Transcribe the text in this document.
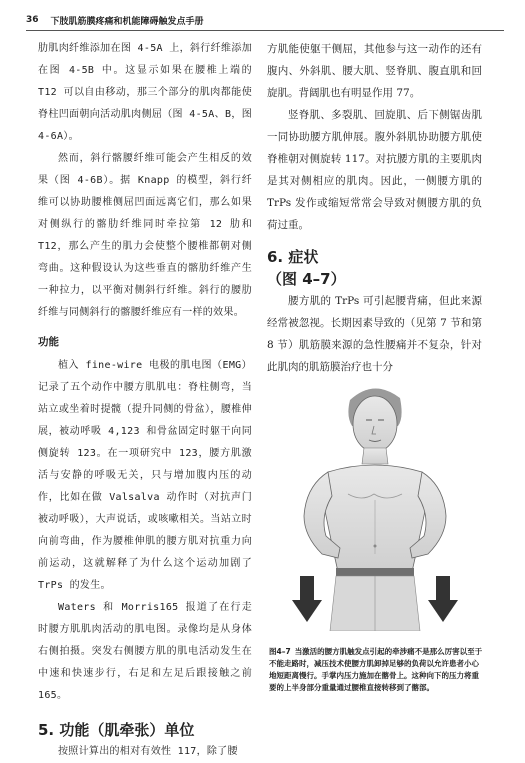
36 下肢肌筋膜疼痛和机能障碍触发点手册

肋肌肉纤维添加在图 4-5A 上，斜行纤维添加在图 4-5B 中。这显示如果在腰椎上端的 T12 可以自由移动，那三个部分的肌肉都能使脊柱凹面朝向活动肌肉侧屈（图 4-5A、B，图 4-6A）。

然而，斜行髂腰纤维可能会产生相反的效果（图 4-6B）。据 Knapp 的模型，斜行纤维可以协助腰椎侧屈凹面远离它们，那么如果对侧纵行的髂肋纤维同时牵拉第 12 肋和 T12，那么产生的肌力会使整个腰椎都朝对侧弯曲。这种假设认为这些垂直的髂肋纤维产生一种拉力，以平衡对侧斜行纤维。斜行的腰肋纤维与同侧斜行的髂腰纤维应有一样的效果。

功能

植入 fine-wire 电极的肌电图（EMG）记录了五个动作中腰方肌肌电：脊柱侧弯，当站立或坐着时提髋（提升同侧的骨盆），腰椎伸展，被动呼吸 4,123 和骨盆固定时躯干向同侧旋转 123。在一项研究中 123，腰方肌激活与安静的呼吸无关，只与增加腹内压的动作，比如在做 Valsalva 动作时（对抗声门被动呼吸），大声说话，或咳嗽相关。当站立时向前弯曲，作为腰椎伸肌的腰方肌对抗重力向前运动，这就解释了为什么这个运动加剧了 TrPs 的发生。

Waters 和 Morris165 报道了在行走时腰方肌肌肉活动的肌电图。录像均是从身体右侧拍摄。突发右侧腰方肌的肌电活动发生在中速和快速步行，右足和左足后跟接触之前 165。

5. 功能（肌牵张）单位

按照计算出的相对有效性 117，除了腰

方肌能使躯干侧屈，其他参与这一动作的还有腹内、外斜肌、腰大肌、竖脊肌、腹直肌和回旋肌。背阔肌也有明显作用 77。

竖脊肌、多裂肌、回旋肌、后下侧锯齿肌一同协助腰方肌伸展。腹外斜肌协助腰方肌使脊椎朝对侧旋转 117。对抗腰方肌的主要肌肉是其对侧相应的肌肉。因此，一侧腰方肌的 TrPs 发作或缩短常常会导致对侧腰方肌的负荷过重。

6. 症状
（图 4–7）

腰方肌的 TrPs 可引起腰背痛，但此来源经常被忽视。长期因素导致的（见第 7 节和第 8 节）肌筋膜来源的急性腰痛并不复杂，针对此肌肉的肌筋膜治疗也十分

图4–7 当激活的腰方肌触发点引起的牵涉痛不是那么厉害以至于不能走路时，减压技术使腰方肌卸掉足够的负荷以允许患者小心地短距离慢行。手掌内压力施加在髂骨上。这种向下的压力将重要的上半身部分重量通过腰椎直接转移到了髂部。
